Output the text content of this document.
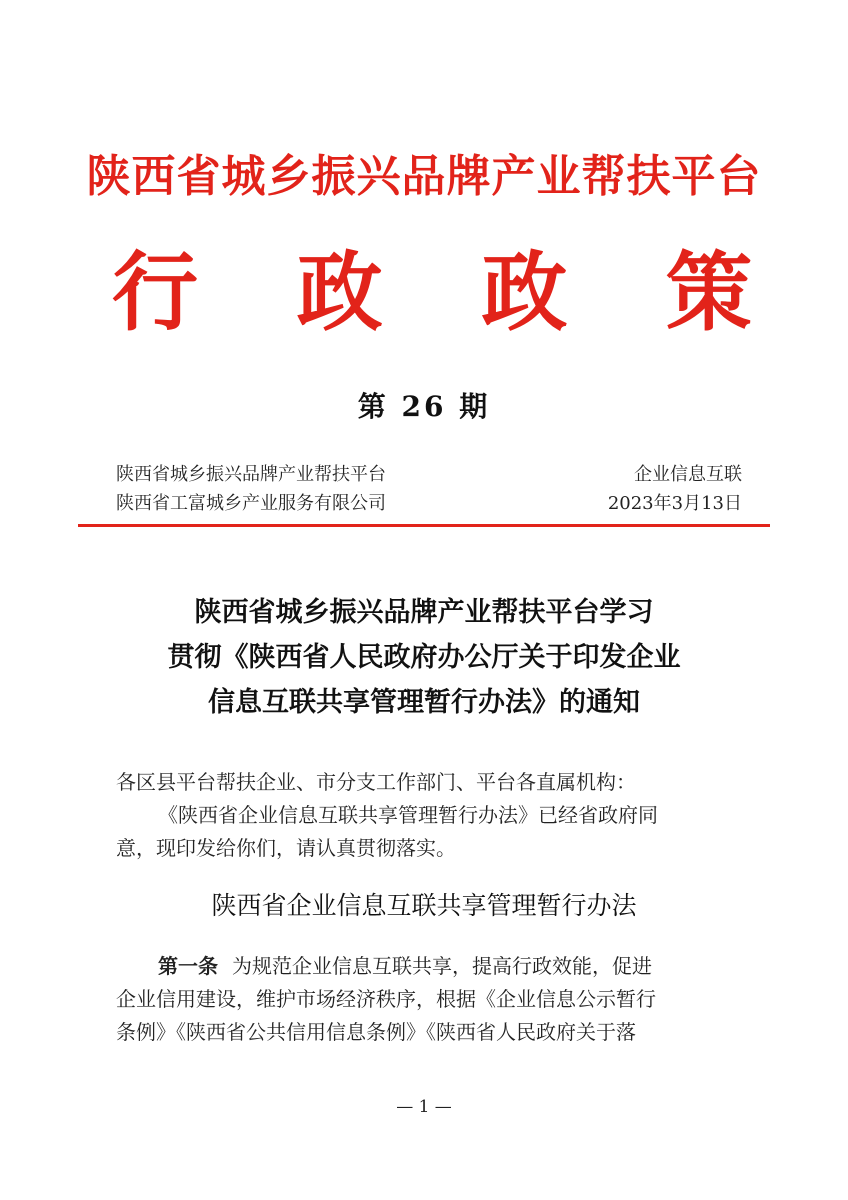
陕西省城乡振兴品牌产业帮扶平台
行 政 政 策
第 26 期
陕西省城乡振兴品牌产业帮扶平台	企业信息互联
陕西省工富城乡产业服务有限公司	2023年3月13日
陕西省城乡振兴品牌产业帮扶平台学习
贯彻《陕西省人民政府办公厅关于印发企业
信息互联共享管理暂行办法》的通知
各区县平台帮扶企业、市分支工作部门、平台各直属机构：
《陕西省企业信息互联共享管理暂行办法》已经省政府同
意，现印发给你们，请认真贯彻落实。
陕西省企业信息互联共享管理暂行办法
第一条 为规范企业信息互联共享，提高行政效能，促进
企业信用建设，维护市场经济秩序，根据《企业信息公示暂行
条例》《陕西省公共信用信息条例》《陕西省人民政府关于落
— 1 —
